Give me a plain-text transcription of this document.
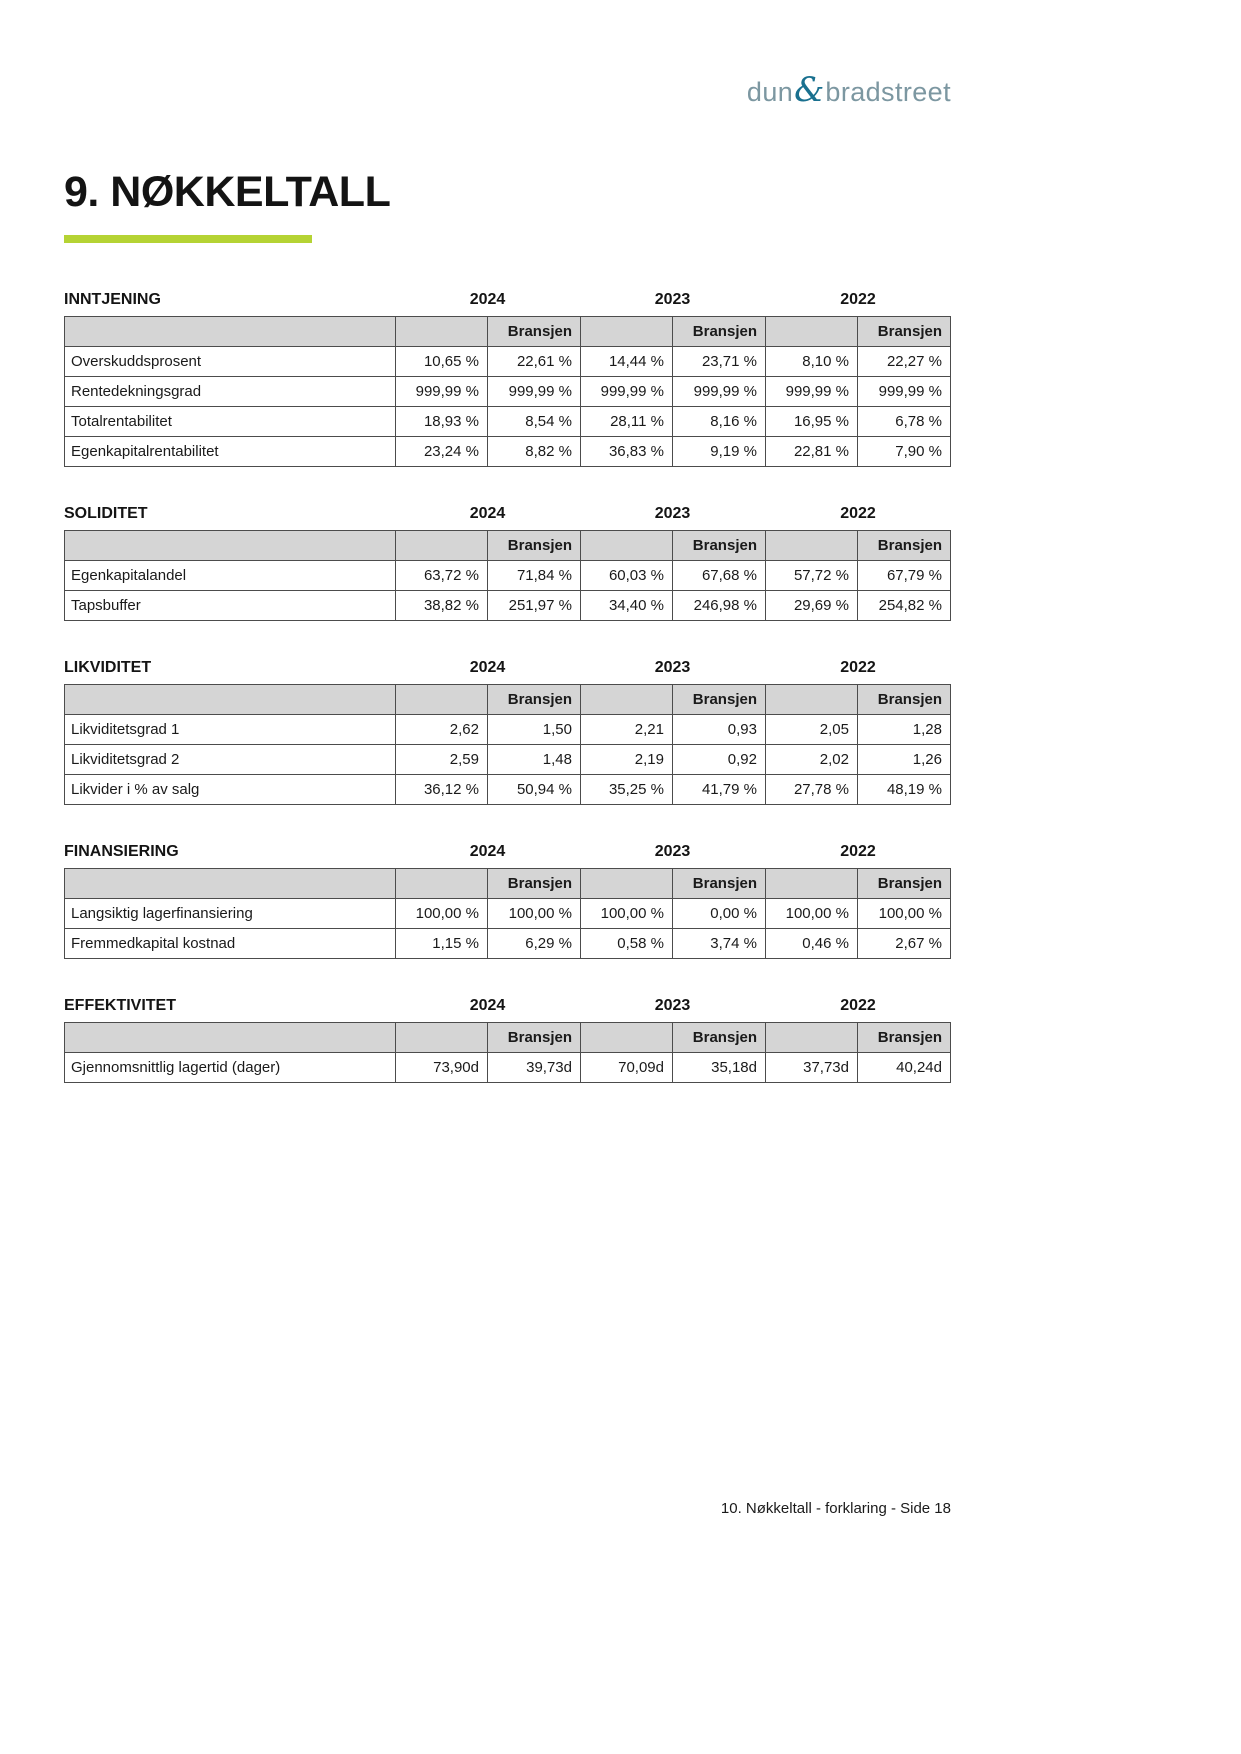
dun&bradstreet
9. NØKKELTALL
INNTJENING	2024	2023	2022
		Bransjen		Bransjen		Bransjen
Overskuddsprosent	10,65 %	22,61 %	14,44 %	23,71 %	8,10 %	22,27 %
Rentedekningsgrad	999,99 %	999,99 %	999,99 %	999,99 %	999,99 %	999,99 %
Totalrentabilitet	18,93 %	8,54 %	28,11 %	8,16 %	16,95 %	6,78 %
Egenkapitalrentabilitet	23,24 %	8,82 %	36,83 %	9,19 %	22,81 %	7,90 %
SOLIDITET	2024	2023	2022
		Bransjen		Bransjen		Bransjen
Egenkapitalandel	63,72 %	71,84 %	60,03 %	67,68 %	57,72 %	67,79 %
Tapsbuffer	38,82 %	251,97 %	34,40 %	246,98 %	29,69 %	254,82 %
LIKVIDITET	2024	2023	2022
		Bransjen		Bransjen		Bransjen
Likviditetsgrad 1	2,62	1,50	2,21	0,93	2,05	1,28
Likviditetsgrad 2	2,59	1,48	2,19	0,92	2,02	1,26
Likvider i % av salg	36,12 %	50,94 %	35,25 %	41,79 %	27,78 %	48,19 %
FINANSIERING	2024	2023	2022
		Bransjen		Bransjen		Bransjen
Langsiktig lagerfinansiering	100,00 %	100,00 %	100,00 %	0,00 %	100,00 %	100,00 %
Fremmedkapital kostnad	1,15 %	6,29 %	0,58 %	3,74 %	0,46 %	2,67 %
EFFEKTIVITET	2024	2023	2022
		Bransjen		Bransjen		Bransjen
Gjennomsnittlig lagertid (dager)	73,90d	39,73d	70,09d	35,18d	37,73d	40,24d
10. Nøkkeltall - forklaring - Side 18
